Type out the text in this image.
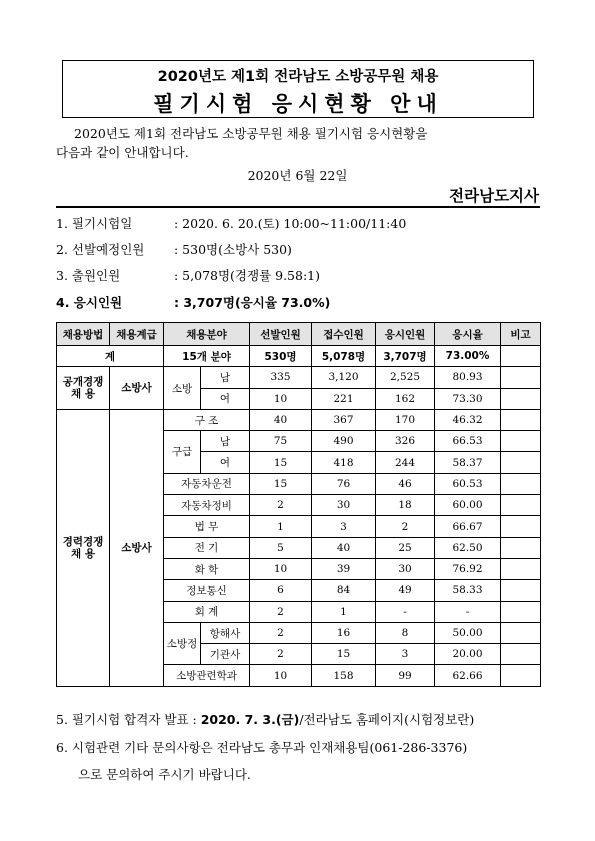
2020년도 제1회 전라남도 소방공무원 채용
필기시험 응시현황 안내
2020년도 제1회 전라남도 소방공무원 채용 필기시험 응시현황을
다음과 같이 안내합니다.
2020년 6월 22일
전라남도지사
1. 필기시험일	: 2020. 6. 20.(토) 10:00~11:00/11:40
2. 선발예정인원 : 530명(소방사 530)
3. 출원인원	: 5,078명(경쟁률 9.58:1)
4. 응시인원	: 3,707명(응시율 73.0%)
채용방법	채용계급	채용분야		선발인원	접수인원	응시인원	응시율	비고
계		15개 분야		530명	5,078명	3,707명	73.00%	
공개경쟁 채 용	소방사	소방	남	335	3,120	2,525	80.93	
			여	10	221	162	73.30	
경력경쟁 채 용	소방사	구 조		40	367	170	46.32	
		구급	남	75	490	326	66.53	
			여	15	418	244	58.37	
		자동차운전		15	76	46	60.53	
		자동차정비		2	30	18	60.00	
		법 무		1	3	2	66.67	
		전 기		5	40	25	62.50	
		화 학		10	39	30	76.92	
		정보통신		6	84	49	58.33	
		회 계		2	1	-	-	
		소방정	항해사	2	16	8	50.00	
			기관사	2	15	3	20.00	
		소방관련학과		10	158	99	62.66	
5. 필기시험 합격자 발표 : 2020. 7. 3.(금)/전라남도 홈페이지(시험정보란)
6. 시험관련 기타 문의사항은 전라남도 총무과 인재채용팀(061-286-3376)
으로 문의하여 주시기 바랍니다.
